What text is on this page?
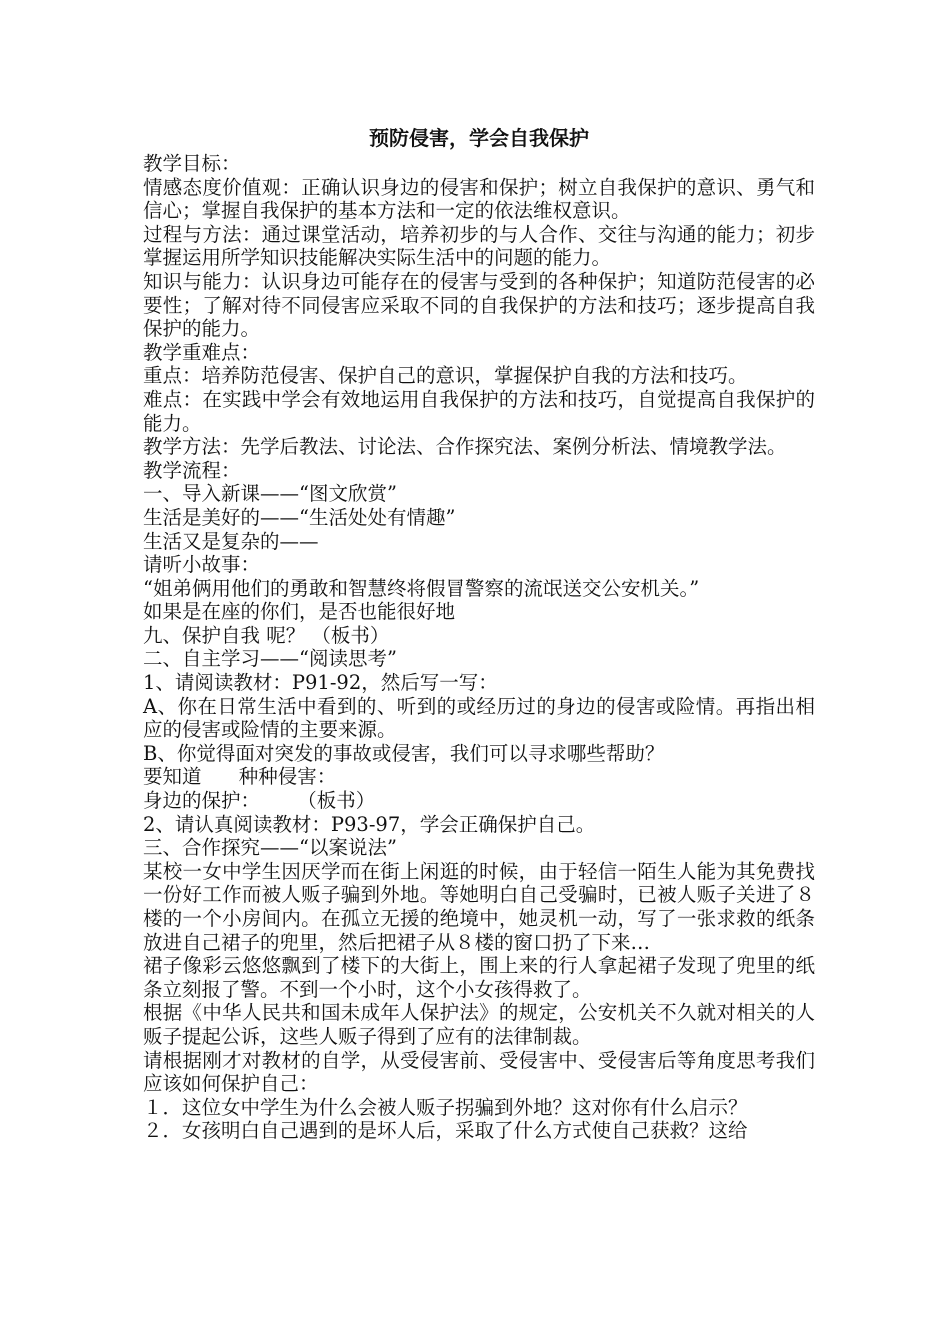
预防侵害，学会自我保护

教学目标：

情感态度价值观：正确认识身边的侵害和保护；树立自我保护的意识、勇气和信心；掌握自我保护的基本方法和一定的依法维权意识。

过程与方法：通过课堂活动，培养初步的与人合作、交往与沟通的能力；初步掌握运用所学知识技能解决实际生活中的问题的能力。

知识与能力：认识身边可能存在的侵害与受到的各种保护；知道防范侵害的必要性；了解对待不同侵害应采取不同的自我保护的方法和技巧；逐步提高自我保护的能力。

教学重难点：

重点：培养防范侵害、保护自己的意识，掌握保护自我的方法和技巧。

难点：在实践中学会有效地运用自我保护的方法和技巧，自觉提高自我保护的能力。

教学方法：先学后教法、讨论法、合作探究法、案例分析法、情境教学法。

教学流程：

一、导入新课——“图文欣赏”

生活是美好的——“生活处处有情趣”

生活又是复杂的——

请听小故事：

“姐弟俩用他们的勇敢和智慧终将假冒警察的流氓送交公安机关。”

如果是在座的你们，是否也能很好地

九、保护自我 呢？ （板书）

二、自主学习——“阅读思考”

1、请阅读教材：P91-92，然后写一写：

A、你在日常生活中看到的、听到的或经历过的身边的侵害或险情。再指出相应的侵害或险情的主要来源。

B、你觉得面对突发的事故或侵害，我们可以寻求哪些帮助？

要知道      种种侵害：

身边的保护：      （板书）

2、请认真阅读教材：P93-97，学会正确保护自己。

三、合作探究——“以案说法”

某校一女中学生因厌学而在街上闲逛的时候，由于轻信一陌生人能为其免费找一份好工作而被人贩子骗到外地。等她明白自己受骗时，已被人贩子关进了８楼的一个小房间内。在孤立无援的绝境中，她灵机一动，写了一张求救的纸条放进自己裙子的兜里，然后把裙子从８楼的窗口扔了下来…

裙子像彩云悠悠飘到了楼下的大街上，围上来的行人拿起裙子发现了兜里的纸条立刻报了警。不到一个小时，这个小女孩得救了。

根据《中华人民共和国未成年人保护法》的规定，公安机关不久就对相关的人贩子提起公诉，这些人贩子得到了应有的法律制裁。

请根据刚才对教材的自学，从受侵害前、受侵害中、受侵害后等角度思考我们应该如何保护自己：

１．这位女中学生为什么会被人贩子拐骗到外地？这对你有什么启示？

２．女孩明白自己遇到的是坏人后，采取了什么方式使自己获救？这给
